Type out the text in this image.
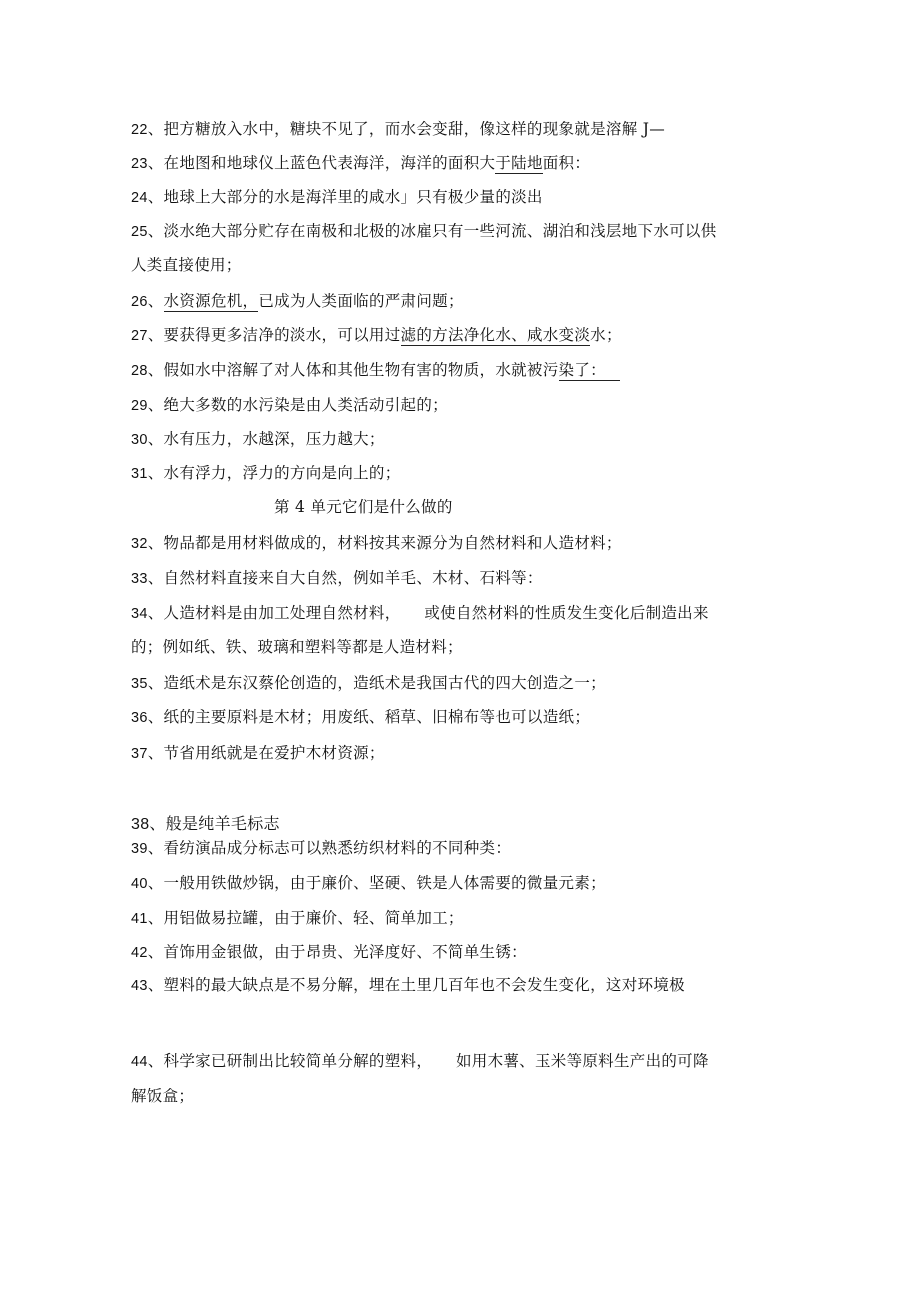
22、把方糖放入水中，糖块不见了，而水会变甜，像这样的现象就是溶解 J—
23、在地图和地球仪上蓝色代表海洋，海洋的面积大于陆地面积：
24、地球上大部分的水是海洋里的咸水」只有极少量的淡出
25、淡水绝大部分贮存在南极和北极的冰雇只有一些河流、湖泊和浅层地下水可以供
人类直接使用；
26、水资源危机，已成为人类面临的严肃问题；
27、要获得更多洁净的淡水，可以用过滤的方法净化水、咸水变淡水；
28、假如水中溶解了对人体和其他生物有害的物质，水就被污染了：
29、绝大多数的水污染是由人类活动引起的；
30、水有压力，水越深，压力越大；
31、水有浮力，浮力的方向是向上的；
第 4 单元它们是什么做的
32、物品都是用材料做成的，材料按其来源分为自然材料和人造材料；
33、自然材料直接来自大自然，例如羊毛、木材、石料等：
34、人造材料是由加工处理自然材料，　　或使自然材料的性质发生变化后制造出来
的；例如纸、铁、玻璃和塑料等都是人造材料；
35、造纸术是东汉蔡伦创造的，造纸术是我国古代的四大创造之一；
36、纸的主要原料是木材；用废纸、稻草、旧棉布等也可以造纸；
37、节省用纸就是在爱护木材资源；
38、般是纯羊毛标志
39、看纺演品成分标志可以熟悉纺织材料的不同种类：
40、一般用铁做炒锅，由于廉价、坚硬、铁是人体需要的微量元素；
41、用铝做易拉罐，由于廉价、轻、简单加工；
42、首饰用金银做，由于昂贵、光泽度好、不简单生锈：
43、塑料的最大缺点是不易分解，埋在土里几百年也不会发生变化，这对环境极
44、科学家已研制出比较简单分解的塑料，　　如用木薯、玉米等原料生产出的可降
解饭盒；
